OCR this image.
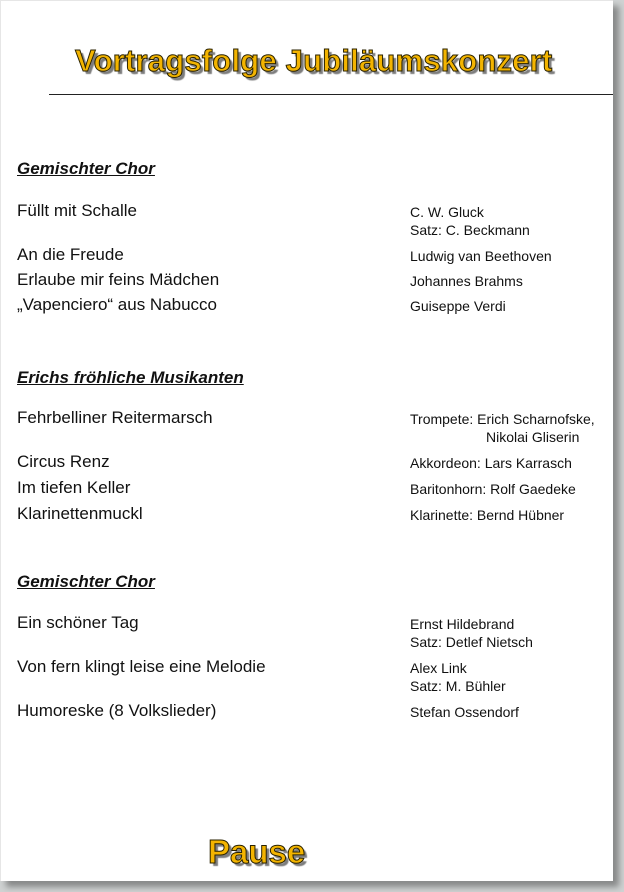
Vortragsfolge Jubiläumskonzert
Gemischter Chor
Füllt mit Schalle	C. W. Gluck
Satz: C. Beckmann
An die Freude	Ludwig van Beethoven
Erlaube mir feins Mädchen	Johannes Brahms
„Vapenciero“ aus Nabucco	Guiseppe Verdi
Erichs fröhliche Musikanten
Fehrbelliner Reitermarsch	Trompete: Erich Scharnofske,
Nikolai Gliserin
Circus Renz	Akkordeon: Lars Karrasch
Im tiefen Keller	Baritonhorn: Rolf Gaedeke
Klarinettenmuckl	Klarinette: Bernd Hübner
Gemischter Chor
Ein schöner Tag	Ernst Hildebrand
Satz: Detlef Nietsch
Von fern klingt leise eine Melodie	Alex Link
Satz: M. Bühler
Humoreske (8 Volkslieder)	Stefan Ossendorf
Pause
